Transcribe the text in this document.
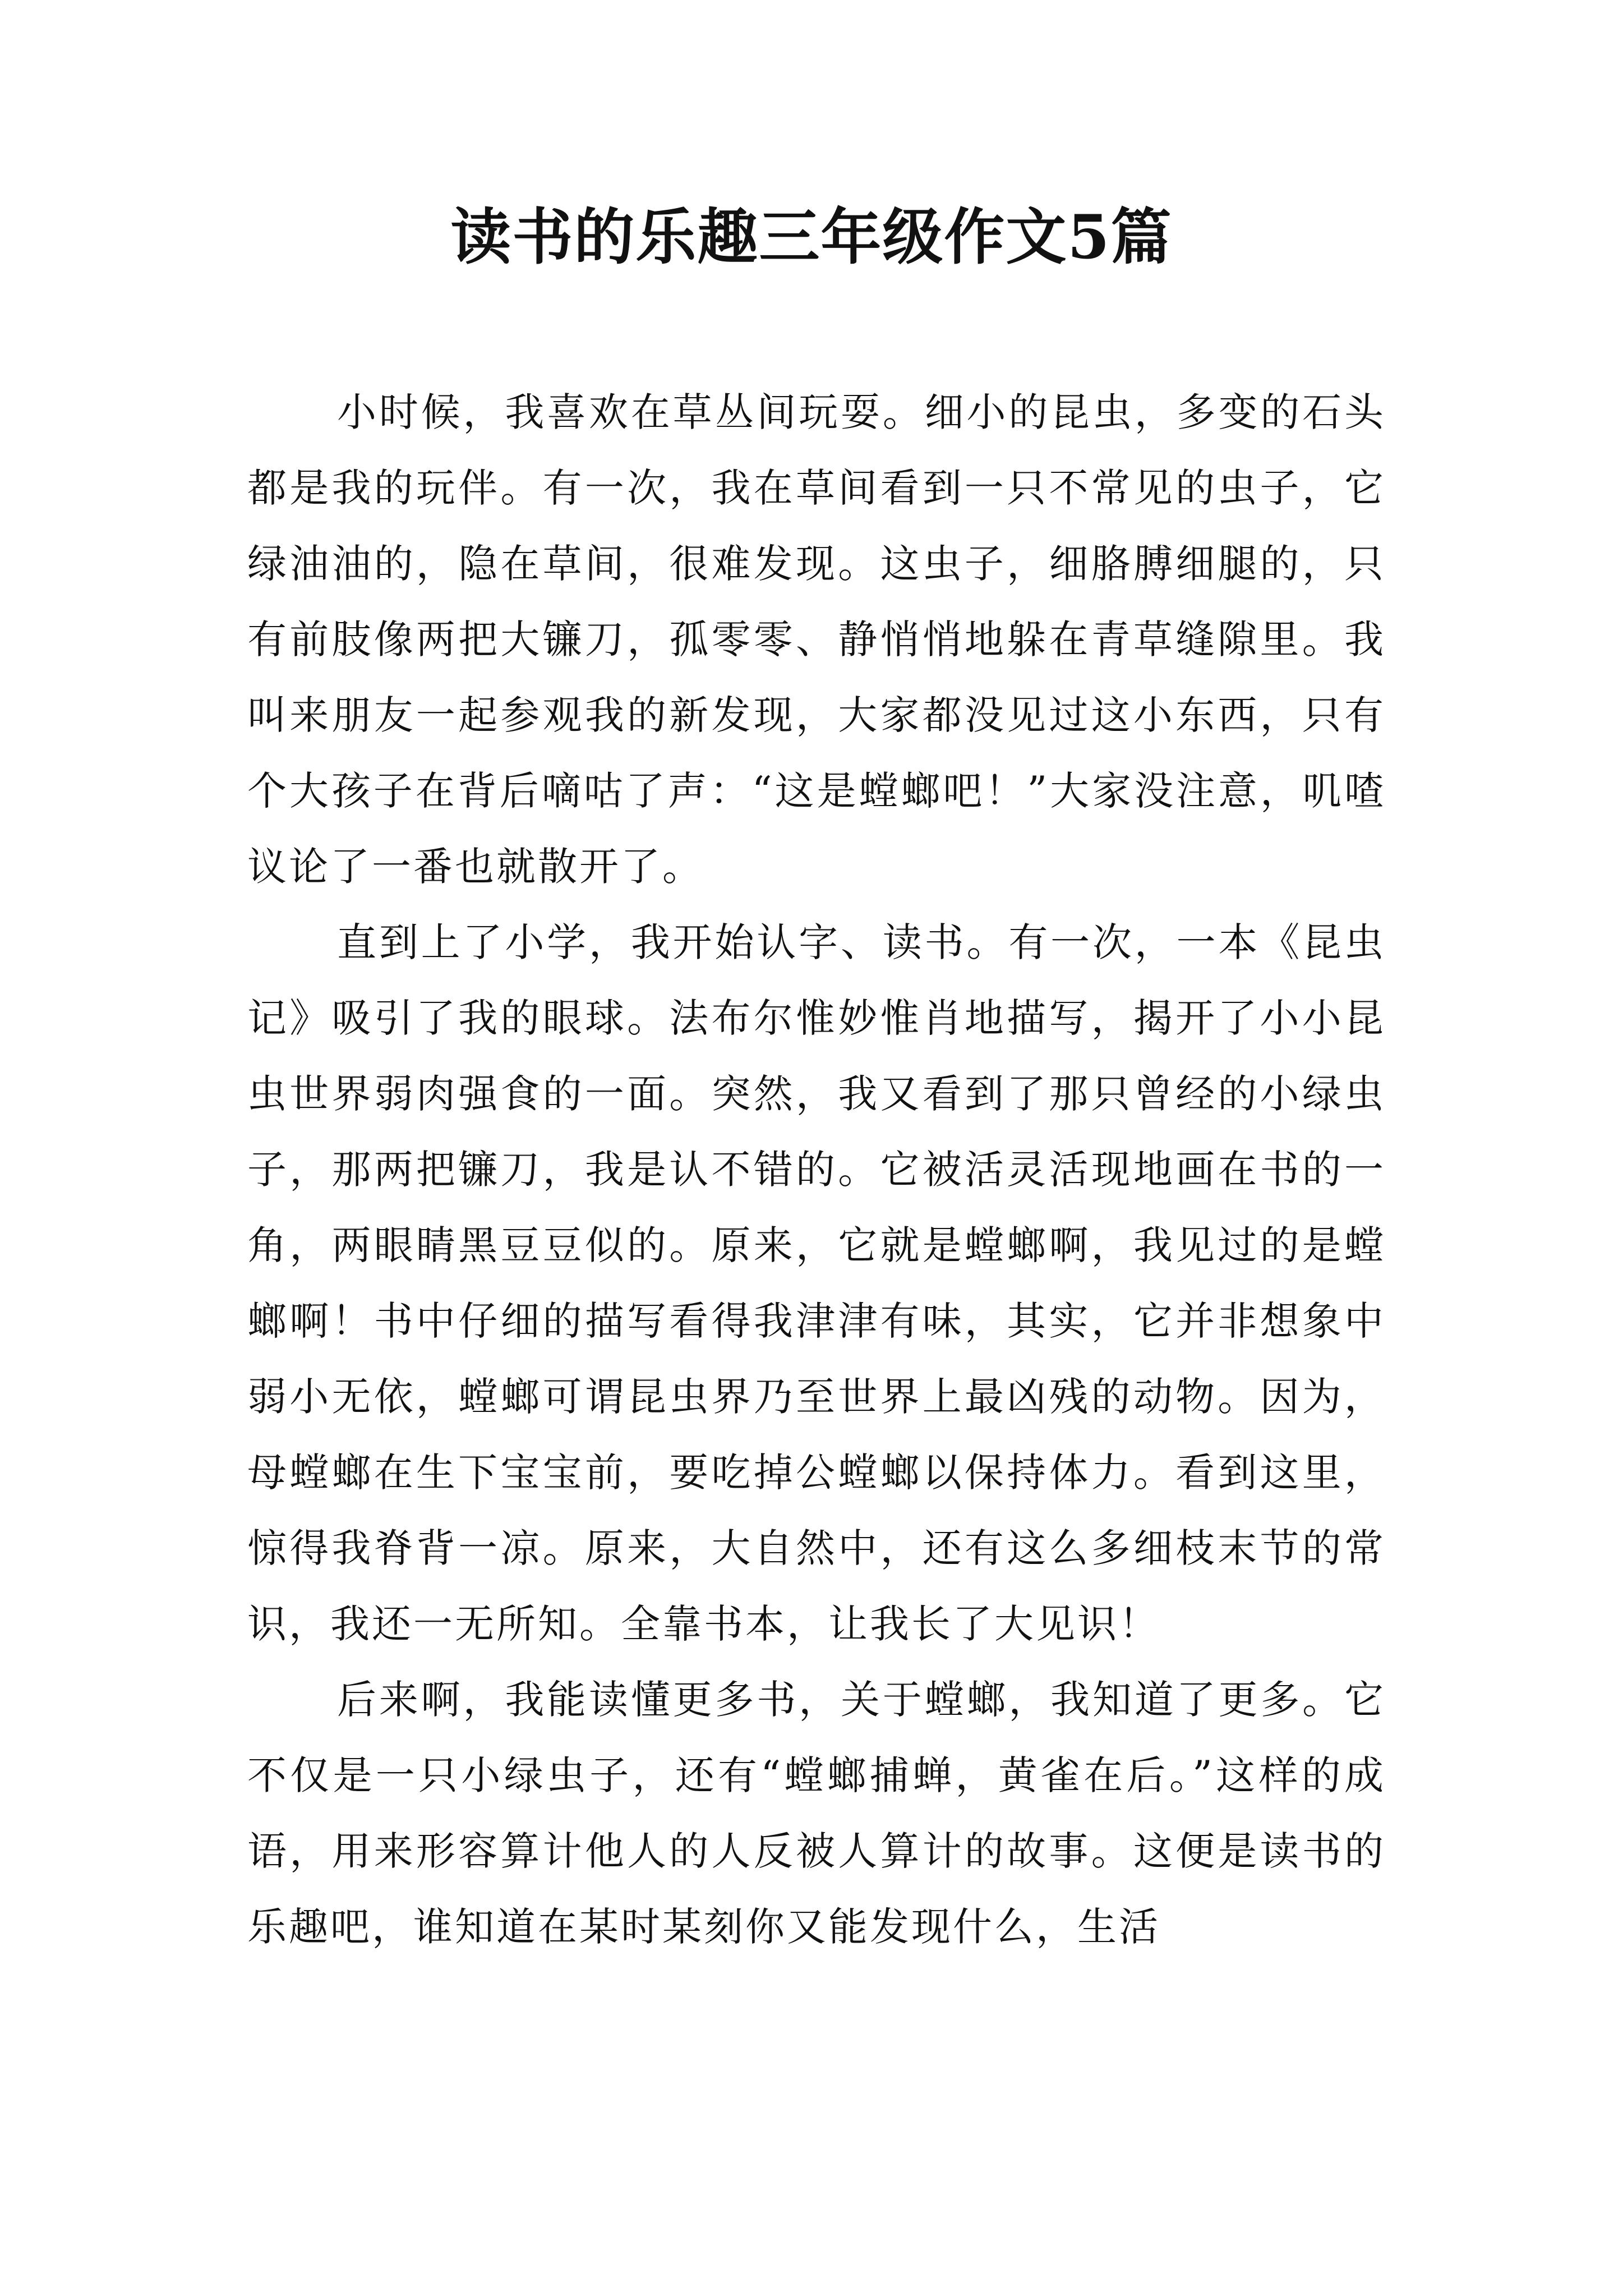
读书的乐趣三年级作文5篇

小时候，我喜欢在草丛间玩耍。细小的昆虫，多变的石头都是我的玩伴。有一次，我在草间看到一只不常见的虫子，它绿油油的，隐在草间，很难发现。这虫子，细胳膊细腿的，只有前肢像两把大镰刀，孤零零、静悄悄地躲在青草缝隙里。我叫来朋友一起参观我的新发现，大家都没见过这小东西，只有个大孩子在背后嘀咕了声：“这是螳螂吧！”大家没注意，叽喳议论了一番也就散开了。

直到上了小学，我开始认字、读书。有一次，一本《昆虫记》吸引了我的眼球。法布尔惟妙惟肖地描写，揭开了小小昆虫世界弱肉强食的一面。突然，我又看到了那只曾经的小绿虫子，那两把镰刀，我是认不错的。它被活灵活现地画在书的一角，两眼睛黑豆豆似的。原来，它就是螳螂啊，我见过的是螳螂啊！书中仔细的描写看得我津津有味，其实，它并非想象中弱小无依，螳螂可谓昆虫界乃至世界上最凶残的动物。因为，母螳螂在生下宝宝前，要吃掉公螳螂以保持体力。看到这里，惊得我脊背一凉。原来，大自然中，还有这么多细枝末节的常识，我还一无所知。全靠书本，让我长了大见识！

后来啊，我能读懂更多书，关于螳螂，我知道了更多。它不仅是一只小绿虫子，还有“螳螂捕蝉，黄雀在后。”这样的成语，用来形容算计他人的人反被人算计的故事。这便是读书的乐趣吧，谁知道在某时某刻你又能发现什么，生活
